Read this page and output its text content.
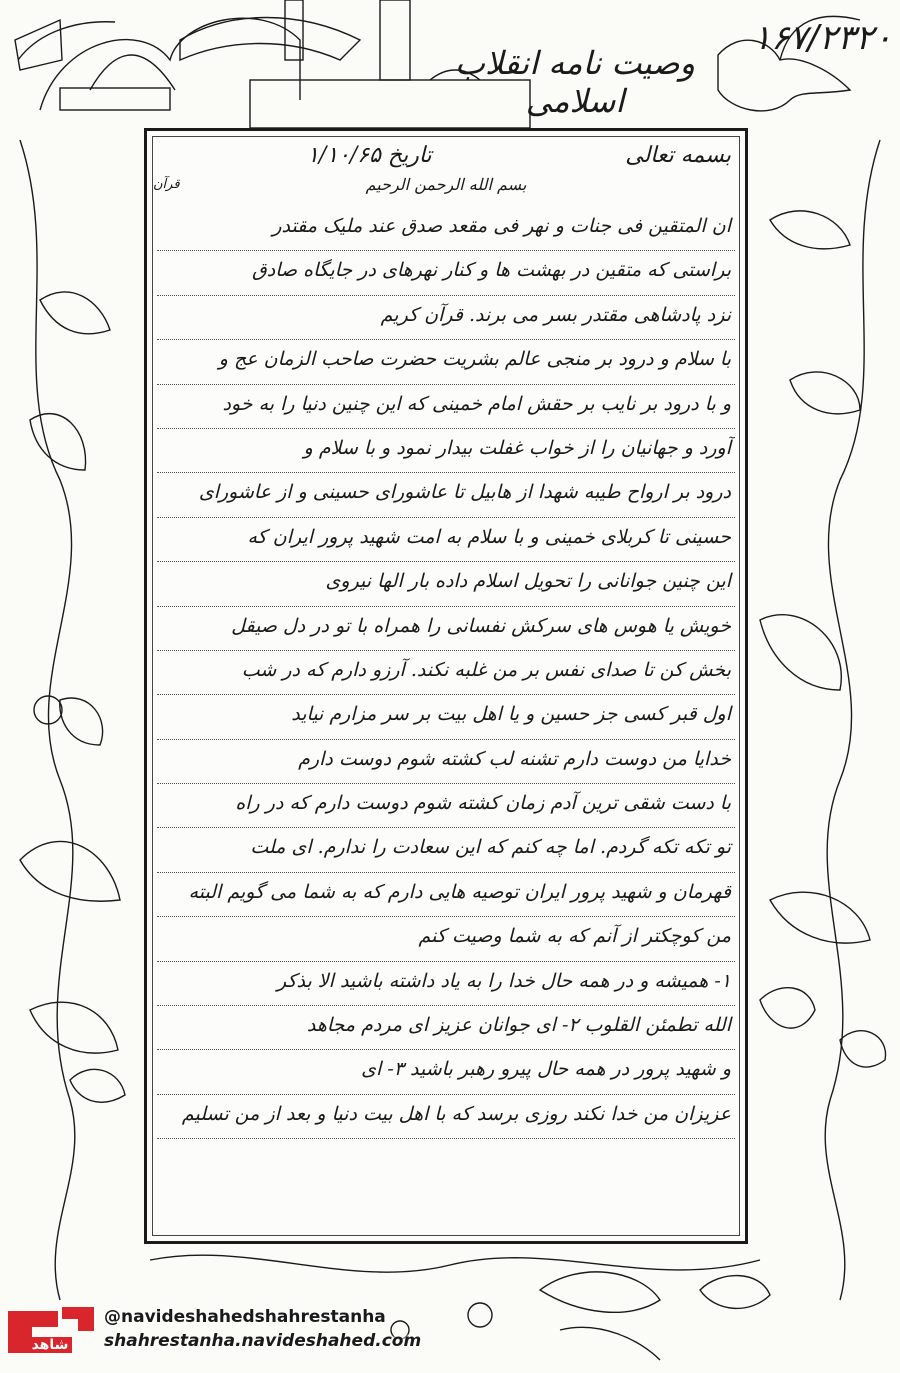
۱۶۷/۲۳۲۰
وصیت نامه انقلاب اسلامی
بسمه تعالی
تاریخ ۱/۱۰/۶۵
بسم الله الرحمن الرحیم
قرآن
ان المتقین فی جنات و نهر فی مقعد صدق عند ملیک مقتدر
براستی که متقین در بهشت ها و کنار نهرهای در جایگاه صادق
نزد پادشاهی مقتدر بسر می برند. قرآن کریم
با سلام و درود بر منجی عالم بشریت حضرت صاحب الزمان عج و
و با درود بر نایب بر حقش امام خمینی که این چنین دنیا را به خود
آورد و جهانیان را از خواب غفلت بیدار نمود و با سلام و
درود بر ارواح طیبه شهدا از هابیل تا عاشورای حسینی و از عاشورای
حسینی تا کربلای خمینی و با سلام به امت شهید پرور ایران که
این چنین جوانانی را تحویل اسلام داده بار الها نیروی
خویش یا هوس های سرکش نفسانی را همراه با تو در دل صیقل
بخش کن تا صدای نفس بر من غلبه نکند. آرزو دارم که در شب
اول قبر کسی جز حسین و یا اهل بیت بر سر مزارم نیاید
خدایا من دوست دارم تشنه لب کشته شوم دوست دارم
با دست شقی ترین آدم زمان کشته شوم دوست دارم که در راه
تو تکه تکه گردم. اما چه کنم که این سعادت را ندارم. ای ملت
قهرمان و شهید پرور ایران توصیه هایی دارم که به شما می گویم البته
من کوچکتر از آنم که به شما وصیت کنم
۱- همیشه و در همه حال خدا را به یاد داشته باشید الا بذکر
الله تطمئن القلوب ۲- ای جوانان عزیز ای مردم مجاهد
و شهید پرور در همه حال پیرو رهبر باشید ۳- ای
عزیزان من خدا نکند روزی برسد که با اهل بیت دنیا و بعد از من تسلیم
شاهد
@navideshahedshahrestanha
shahrestanha.navideshahed.com
